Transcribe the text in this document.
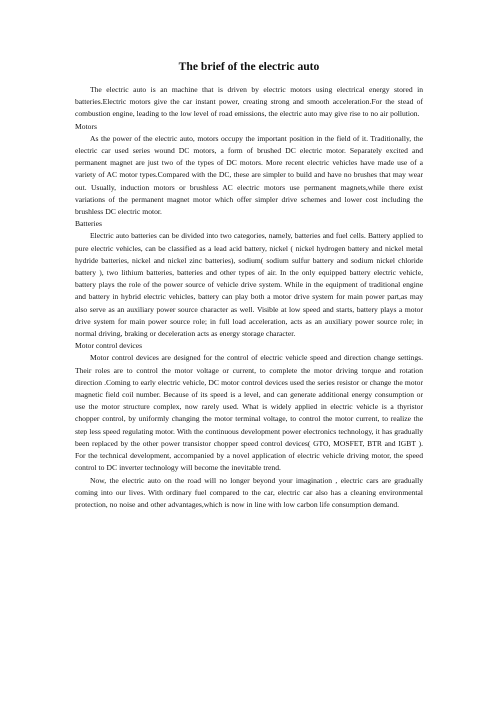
The brief of the electric auto

The electric auto is an machine that is driven by electric motors using electrical energy stored in batteries.Electric motors give the car instant power, creating strong and smooth acceleration.For the stead of combustion engine, leading to the low level of road emissions, the electric auto may give rise to no air pollution.

Motors

As the power of the electric auto, motors occupy the important position in the field of it. Traditionally, the electric car used series wound DC motors, a form of brushed DC electric motor. Separately excited and permanent magnet are just two of the types of DC motors. More recent electric vehicles have made use of a variety of AC motor types.Compared with the DC, these are simpler to build and have no brushes that may wear out. Usually, induction motors or brushless AC electric motors use permanent magnets,while there exist variations of the permanent magnet motor which offer simpler drive schemes and lower cost including the brushless DC electric motor.

Batteries

Electric auto batteries can be divided into two categories, namely, batteries and fuel cells. Battery applied to pure electric vehicles, can be classified as a lead acid battery, nickel ( nickel hydrogen battery and nickel metal hydride batteries, nickel and nickel zinc batteries), sodium( sodium sulfur battery and sodium nickel chloride battery ), two lithium batteries, batteries and other types of air. In the only equipped battery electric vehicle, battery plays the role of the power source of vehicle drive system. While in the equipment of traditional engine and battery in hybrid electric vehicles, battery can play both a motor drive system for main power part,as may also serve as an auxiliary power source character as well. Visible at low speed and starts, battery plays a motor drive system for main power source role; in full load acceleration, acts as an auxiliary power source role; in normal driving, braking or deceleration acts as energy storage character.

Motor control devices

Motor control devices are designed for the control of electric vehicle speed and direction change settings. Their roles are to control the motor voltage or current, to complete the motor driving torque and rotation direction .Coming to early electric vehicle, DC motor control devices used the series resistor or change the motor magnetic field coil number. Because of its speed is a level, and can generate additional energy consumption or use the motor structure complex, now rarely used. What is widely applied in electric vehicle is a thyristor chopper control, by uniformly changing the motor terminal voltage, to control the motor current, to realize the step less speed regulating motor. With the continuous development power electronics technology, it has gradually been replaced by the other power transistor chopper speed control devices( GTO, MOSFET, BTR and IGBT ). For the technical development, accompanied by a novel application of electric vehicle driving motor, the speed control to DC inverter technology will become the inevitable trend.

Now, the electric auto on the road will no longer beyond your imagination , electric cars are gradually coming into our lives. With ordinary fuel compared to the car, electric car also has a cleaning environmental protection, no noise and other advantages,which is now in line with low carbon life consumption demand.
